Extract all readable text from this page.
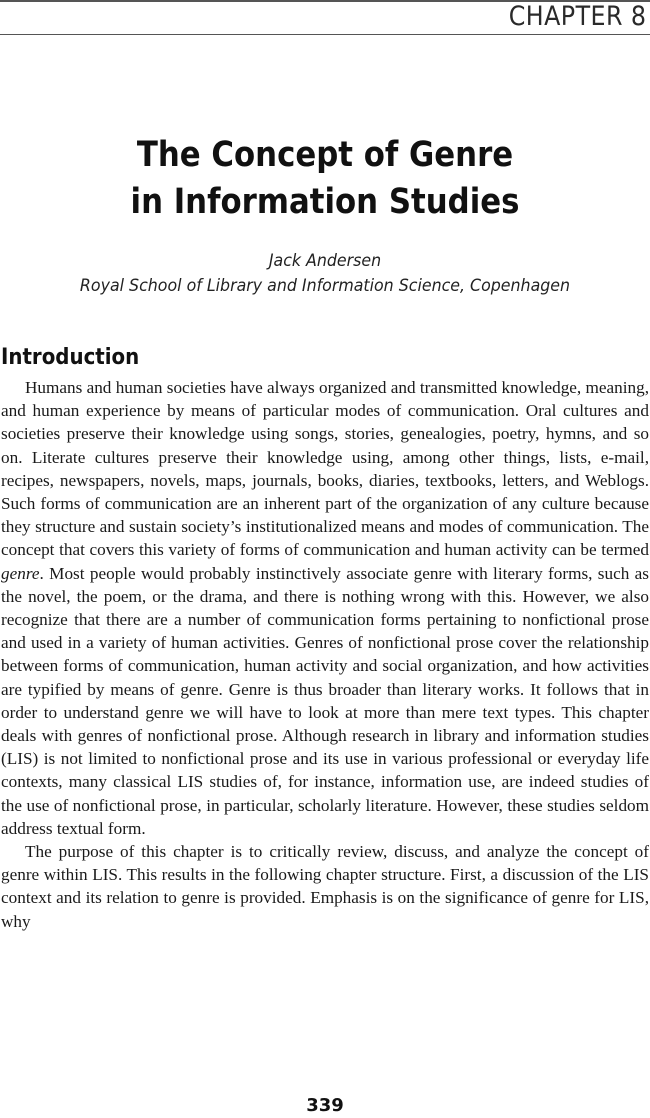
CHAPTER 8
The Concept of Genre
in Information Studies
Jack Andersen
Royal School of Library and Information Science, Copenhagen
Introduction

Humans and human societies have always organized and transmitted knowledge, meaning, and human experience by means of particular modes of communication. Oral cultures and societies preserve their knowledge using songs, stories, genealogies, poetry, hymns, and so on. Literate cultures preserve their knowledge using, among other things, lists, e-mail, recipes, newspapers, novels, maps, journals, books, diaries, textbooks, letters, and Weblogs. Such forms of communication are an inherent part of the organization of any culture because they structure and sustain society’s institutionalized means and modes of communication. The concept that covers this variety of forms of communication and human activity can be termed genre. Most people would probably instinctively associate genre with literary forms, such as the novel, the poem, or the drama, and there is nothing wrong with this. However, we also recognize that there are a number of communication forms pertaining to nonfictional prose and used in a variety of human activities. Genres of nonfictional prose cover the relationship between forms of communication, human activity and social organization, and how activities are typified by means of genre. Genre is thus broader than literary works. It follows that in order to understand genre we will have to look at more than mere text types. This chapter deals with genres of nonfictional prose. Although research in library and information studies (LIS) is not limited to nonfictional prose and its use in various professional or everyday life contexts, many classical LIS studies of, for instance, information use, are indeed studies of the use of nonfictional prose, in particular, scholarly literature. However, these studies seldom address textual form.

The purpose of this chapter is to critically review, discuss, and analyze the concept of genre within LIS. This results in the following chapter structure. First, a discussion of the LIS context and its relation to genre is provided. Emphasis is on the significance of genre for LIS, why

339
